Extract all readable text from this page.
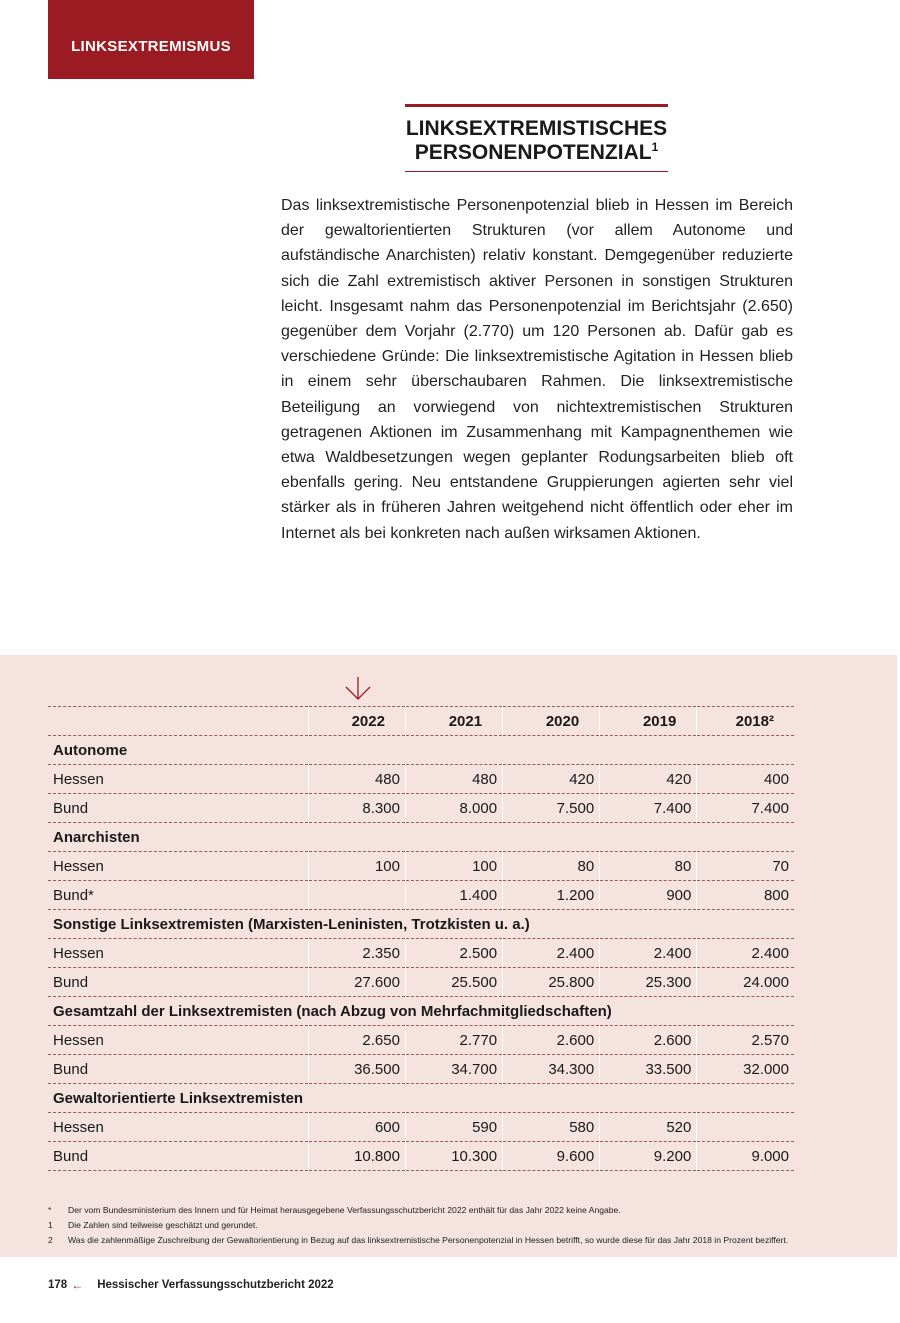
LINKSEXTREMISMUS
LINKSEXTREMISTISCHES
PERSONENPOTENZIAL$^1$

Das linksextremistische Personenpotenzial blieb in Hessen im Bereich der gewaltorientierten Strukturen (vor allem Autonome und aufständische Anarchisten) relativ konstant. Demgegenüber reduzierte sich die Zahl extremistisch aktiver Personen in sonstigen Strukturen leicht. Insgesamt nahm das Personenpotenzial im Berichtsjahr (2.650) gegenüber dem Vorjahr (2.770) um 120 Personen ab. Dafür gab es verschiedene Gründe: Die linksextremistische Agitation in Hessen blieb in einem sehr überschaubaren Rahmen. Die linksextremistische Beteiligung an vorwiegend von nichtextremistischen Strukturen getragenen Aktionen im Zusammenhang mit Kampagnenthemen wie etwa Waldbesetzungen wegen geplanter Rodungsarbeiten blieb oft ebenfalls gering. Neu entstandene Gruppierungen agierten sehr viel stärker als in früheren Jahren weitgehend nicht öffentlich oder eher im Internet als bei konkreten nach außen wirksamen Aktionen.

	2022	2021	2020	2019	2018²
Autonome					
Hessen	480	480	420	420	400
Bund	8.300	8.000	7.500	7.400	7.400
Anarchisten					
Hessen	100	100	80	80	70
Bund*		1.400	1.200	900	800
Sonstige Linksextremisten (Marxisten-Leninisten, Trotzkisten u. a.)					
Hessen	2.350	2.500	2.400	2.400	2.400
Bund	27.600	25.500	25.800	25.300	24.000
Gesamtzahl der Linksextremisten (nach Abzug von Mehrfachmitgliedschaften)					
Hessen	2.650	2.770	2.600	2.600	2.570
Bund	36.500	34.700	34.300	33.500	32.000
Gewaltorientierte Linksextremisten					
Hessen	600	590	580	520	
Bund	10.800	10.300	9.600	9.200	9.000
*	Der vom Bundesministerium des Innern und für Heimat herausgegebene Verfassungsschutzbericht 2022 enthält für das Jahr 2022 keine Angabe.
1	Die Zahlen sind teilweise geschätzt und gerundet.
2	Was die zahlenmäßige Zuschreibung der Gewaltorientierung in Bezug auf das linksextremistische Personenpotenzial in Hessen betrifft, so wurde diese für das Jahr 2018 in Prozent beziffert.
178 ← Hessischer Verfassungsschutzbericht 2022
